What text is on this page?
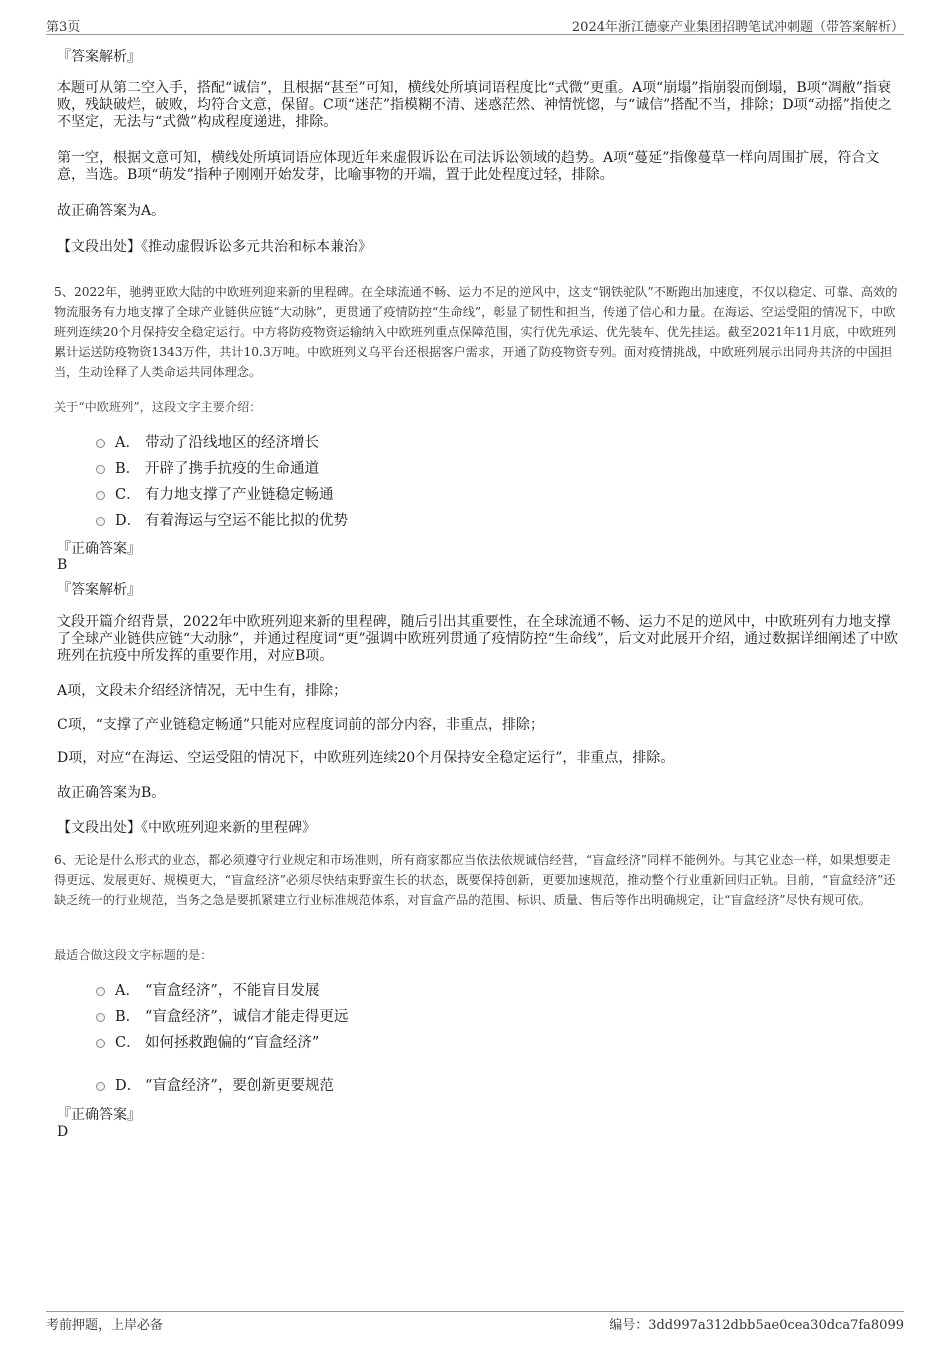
第3页	2024年浙江德豪产业集团招聘笔试冲刺题（带答案解析）
『答案解析』

本题可从第二空入手，搭配“诚信”，且根据“甚至”可知，横线处所填词语程度比“式微”更重。A项“崩塌”指崩裂而倒塌，B项“凋敝”指衰败，残缺破烂，破败，均符合文意，保留。C项“迷茫”指模糊不清、迷惑茫然、神情恍惚，与“诚信”搭配不当，排除；D项“动摇”指使之不坚定，无法与“式微”构成程度递进，排除。

第一空，根据文意可知，横线处所填词语应体现近年来虚假诉讼在司法诉讼领域的趋势。A项“蔓延”指像蔓草一样向周围扩展，符合文意，当选。B项“萌发”指种子刚刚开始发芽，比喻事物的开端，置于此处程度过轻，排除。

故正确答案为A。
【文段出处】《推动虚假诉讼多元共治和标本兼治》
5、2022年，驰骋亚欧大陆的中欧班列迎来新的里程碑。在全球流通不畅、运力不足的逆风中，这支“钢铁驼队”不断跑出加速度，不仅以稳定、可靠、高效的物流服务有力地支撑了全球产业链供应链“大动脉”，更贯通了疫情防控“生命线”，彰显了韧性和担当，传递了信心和力量。在海运、空运受阻的情况下，中欧班列连续20个月保持安全稳定运行。中方将防疫物资运输纳入中欧班列重点保障范围，实行优先承运、优先装车、优先挂运。截至2021年11月底，中欧班列累计运送防疫物资1343万件，共计10.3万吨。中欧班列义乌平台还根据客户需求，开通了防疫物资专列。面对疫情挑战，中欧班列展示出同舟共济的中国担当，生动诠释了人类命运共同体理念。
关于“中欧班列”，这段文字主要介绍：
A． 带动了沿线地区的经济增长
B． 开辟了携手抗疫的生命通道
C． 有力地支撑了产业链稳定畅通
D． 有着海运与空运不能比拟的优势
『正确答案』
B
『答案解析』

文段开篇介绍背景，2022年中欧班列迎来新的里程碑，随后引出其重要性，在全球流通不畅、运力不足的逆风中，中欧班列有力地支撑了全球产业链供应链“大动脉”，并通过程度词“更”强调中欧班列贯通了疫情防控“生命线”，后文对此展开介绍，通过数据详细阐述了中欧班列在抗疫中所发挥的重要作用，对应B项。

A项，文段未介绍经济情况，无中生有，排除；
C项，“支撑了产业链稳定畅通”只能对应程度词前的部分内容，非重点，排除；
D项，对应“在海运、空运受阻的情况下，中欧班列连续20个月保持安全稳定运行”，非重点，排除。
故正确答案为B。
【文段出处】《中欧班列迎来新的里程碑》
6、无论是什么形式的业态，都必须遵守行业规定和市场准则，所有商家都应当依法依规诚信经营，“盲盒经济”同样不能例外。与其它业态一样，如果想要走得更远、发展更好、规模更大，“盲盒经济”必须尽快结束野蛮生长的状态，既要保持创新，更要加速规范，推动整个行业重新回归正轨。目前，“盲盒经济”还缺乏统一的行业规范，当务之急是要抓紧建立行业标准规范体系，对盲盒产品的范围、标识、质量、售后等作出明确规定，让“盲盒经济”尽快有规可依。
最适合做这段文字标题的是：
A． “盲盒经济”，不能盲目发展
B． “盲盒经济”，诚信才能走得更远
C． 如何拯救跑偏的“盲盒经济”
D． “盲盒经济”，要创新更要规范
『正确答案』
D
考前押题，上岸必备	编号：3dd997a312dbb5ae0cea30dca7fa8099
